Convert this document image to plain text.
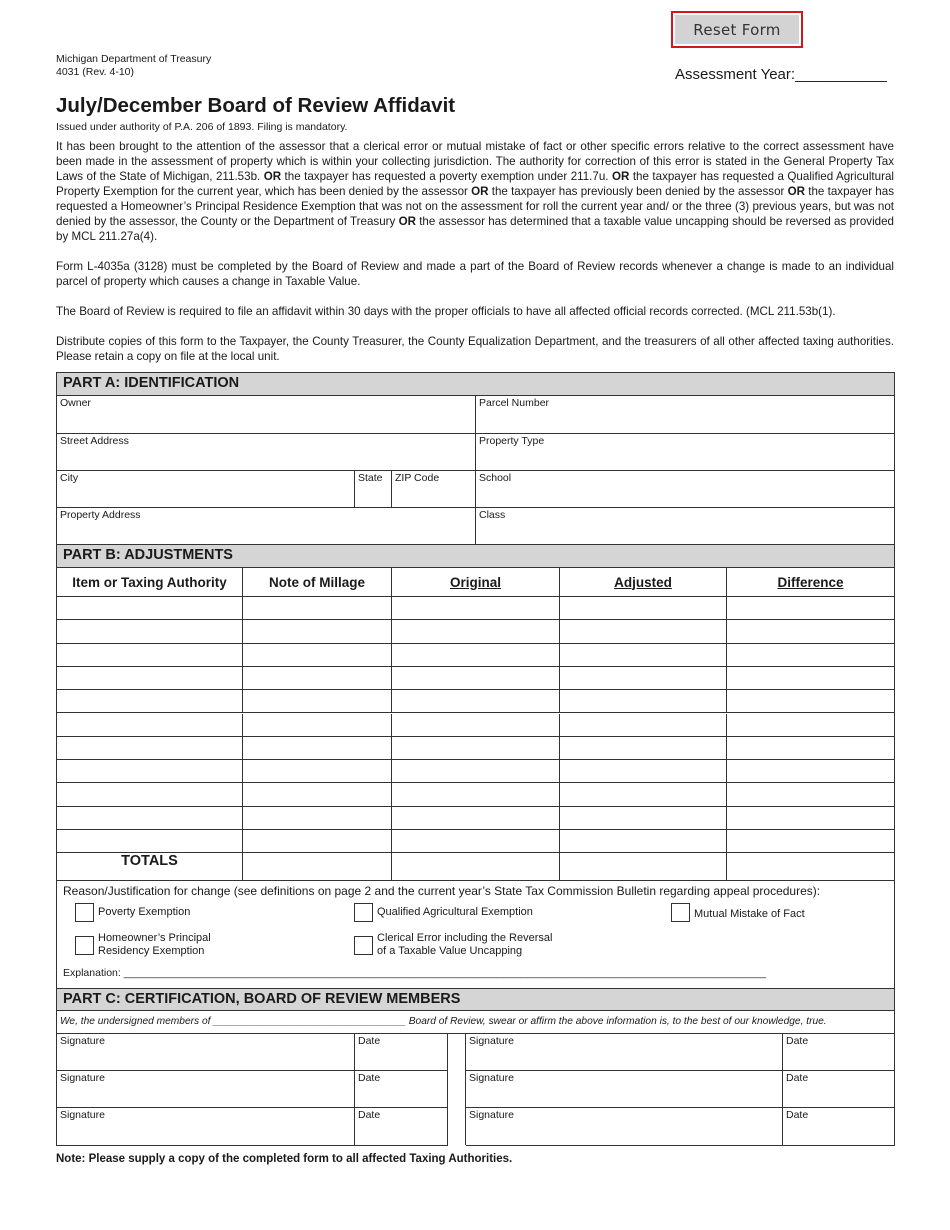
Reset Form
Michigan Department of Treasury
4031 (Rev. 4-10)	Assessment Year:___________
July/December Board of Review Affidavit
Issued under authority of P.A. 206 of 1893. Filing is mandatory.
It has been brought to the attention of the assessor that a clerical error or mutual mistake of fact or other specific errors relative to the correct assessment have been made in the assessment of property which is within your collecting jurisdiction. The authority for correction of this error is stated in the General Property Tax Laws of the State of Michigan, 211.53b. OR the taxpayer has requested a poverty exemption under 211.7u. OR the taxpayer has requested a Qualified Agricultural Property Exemption for the current year, which has been denied by the assessor OR the taxpayer has previously been denied by the assessor OR the taxpayer has requested a Homeowner’s Principal Residence Exemption that was not on the assessment for roll the current year and/ or the three (3) previous years, but was not denied by the assessor, the County or the Department of Treasury OR the assessor has determined that a taxable value uncapping should be reversed as provided by MCL 211.27a(4).
Form L-4035a (3128) must be completed by the Board of Review and made a part of the Board of Review records whenever a change is made to an individual parcel of property which causes a change in Taxable Value.
The Board of Review is required to file an affidavit within 30 days with the proper officials to have all affected official records corrected. (MCL 211.53b(1).
Distribute copies of this form to the Taxpayer, the County Treasurer, the County Equalization Department, and the treasurers of all other affected taxing authorities. Please retain a copy on file at the local unit.
PART A: IDENTIFICATION
Owner	Parcel Number
Street Address	Property Type
City	State ZIP Code	School
Property Address	Class
PART B: ADJUSTMENTS
Item or Taxing Authority	Note of Millage	Original	Adjusted	Difference
TOTALS
Reason/Justification for change (see definitions on page 2 and the current year’s State Tax Commission Bulletin regarding appeal procedures):
Poverty Exemption	Qualified Agricultural Exemption	Mutual Mistake of Fact
Homeowner’s Principal
Residency Exemption
Clerical Error including the Reversal
of a Taxable Value Uncapping
Explanation: ______________________________________________________________________________________________________________
PART C: CERTIFICATION, BOARD OF REVIEW MEMBERS
We, the undersigned members of __________________________________ Board of Review, swear or affirm the above information is, to the best of our knowledge, true.
Signature	Date
Signature	Date
Signature	Date
Signature	Date
Signature	Date
Signature	Date
Note: Please supply a copy of the completed form to all affected Taxing Authorities.
